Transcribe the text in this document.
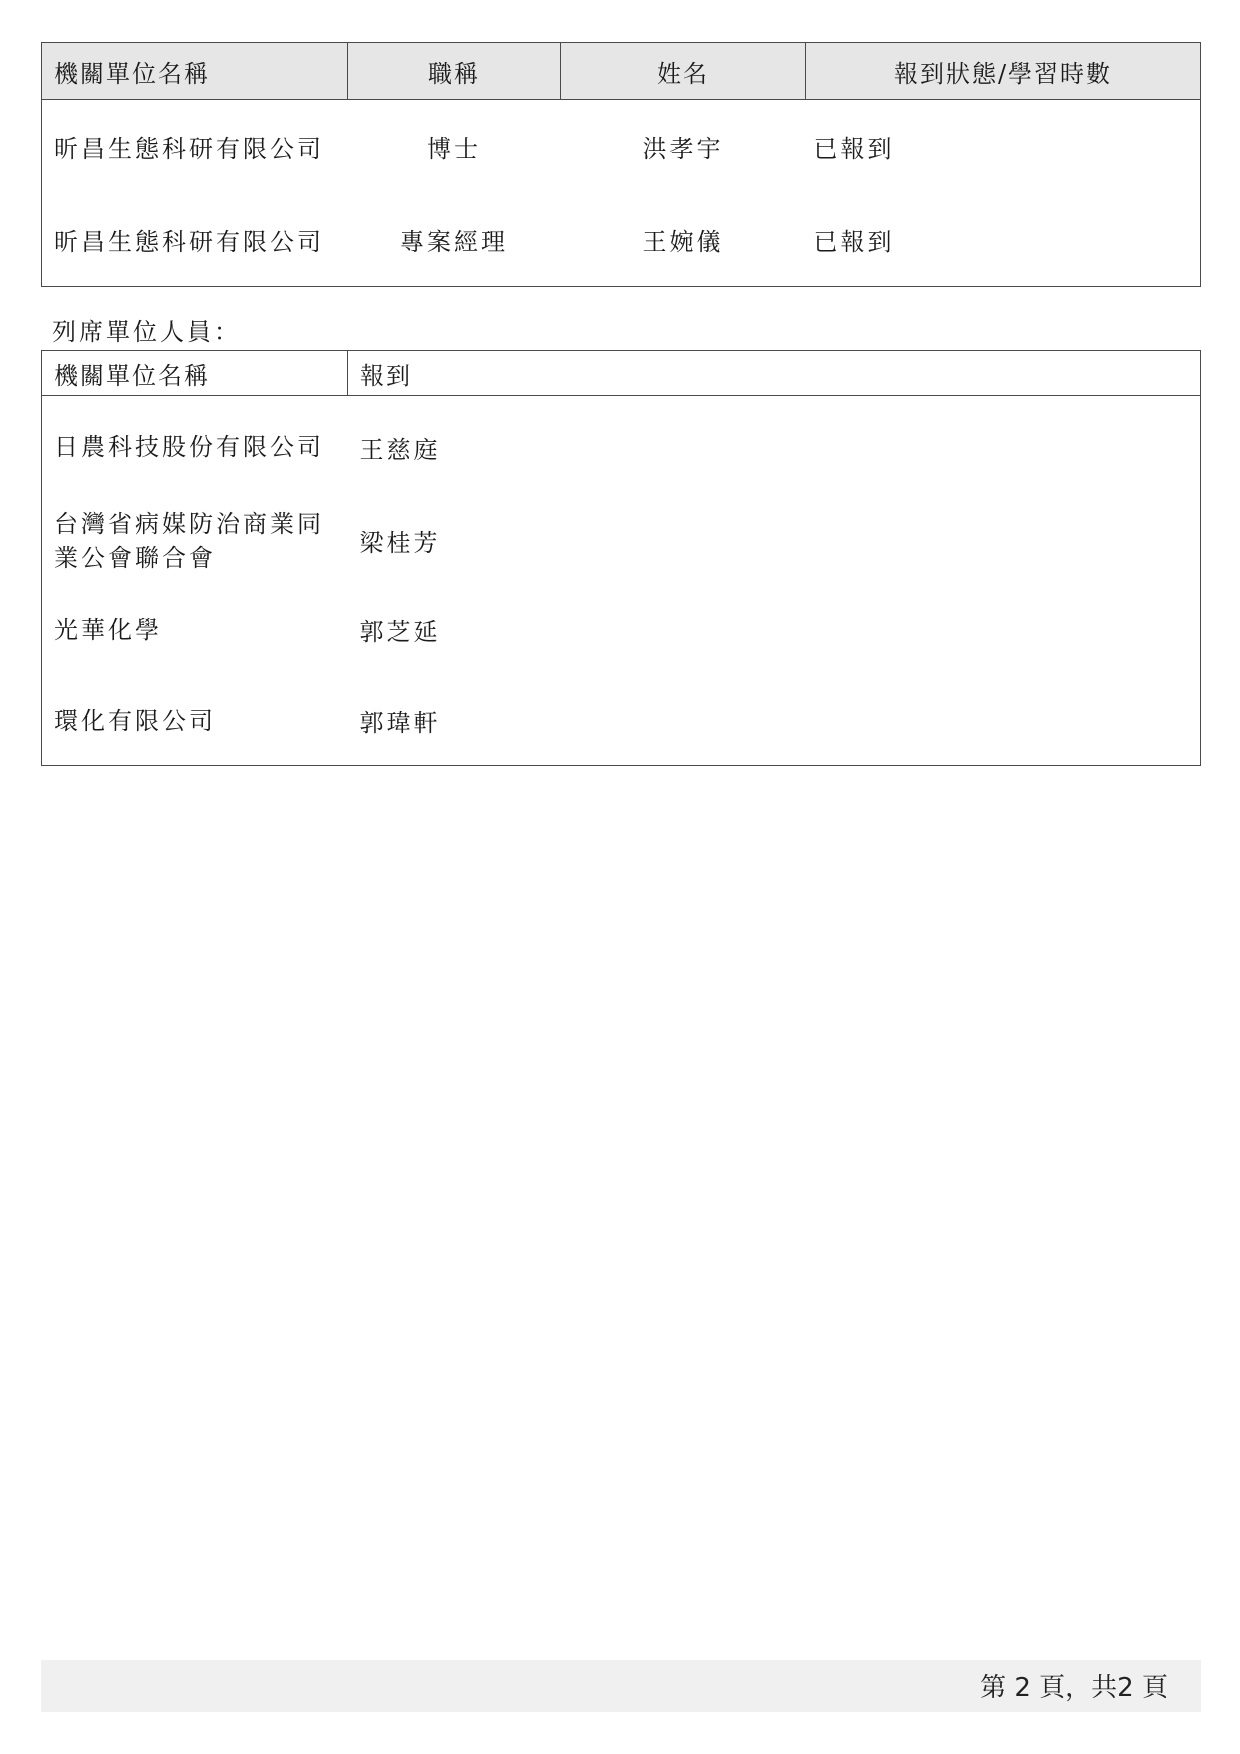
機關單位名稱	職稱	姓名	報到狀態/學習時數
昕昌生態科研有限公司	博士	洪孝宇	已報到
昕昌生態科研有限公司	專案經理	王婉儀	已報到
列席單位人員：
機關單位名稱	報到
日農科技股份有限公司	王慈庭
台灣省病媒防治商業同業公會聯合會	梁桂芳
光華化學	郭芝延
環化有限公司	郭瑋軒
第 2 頁，共2 頁
